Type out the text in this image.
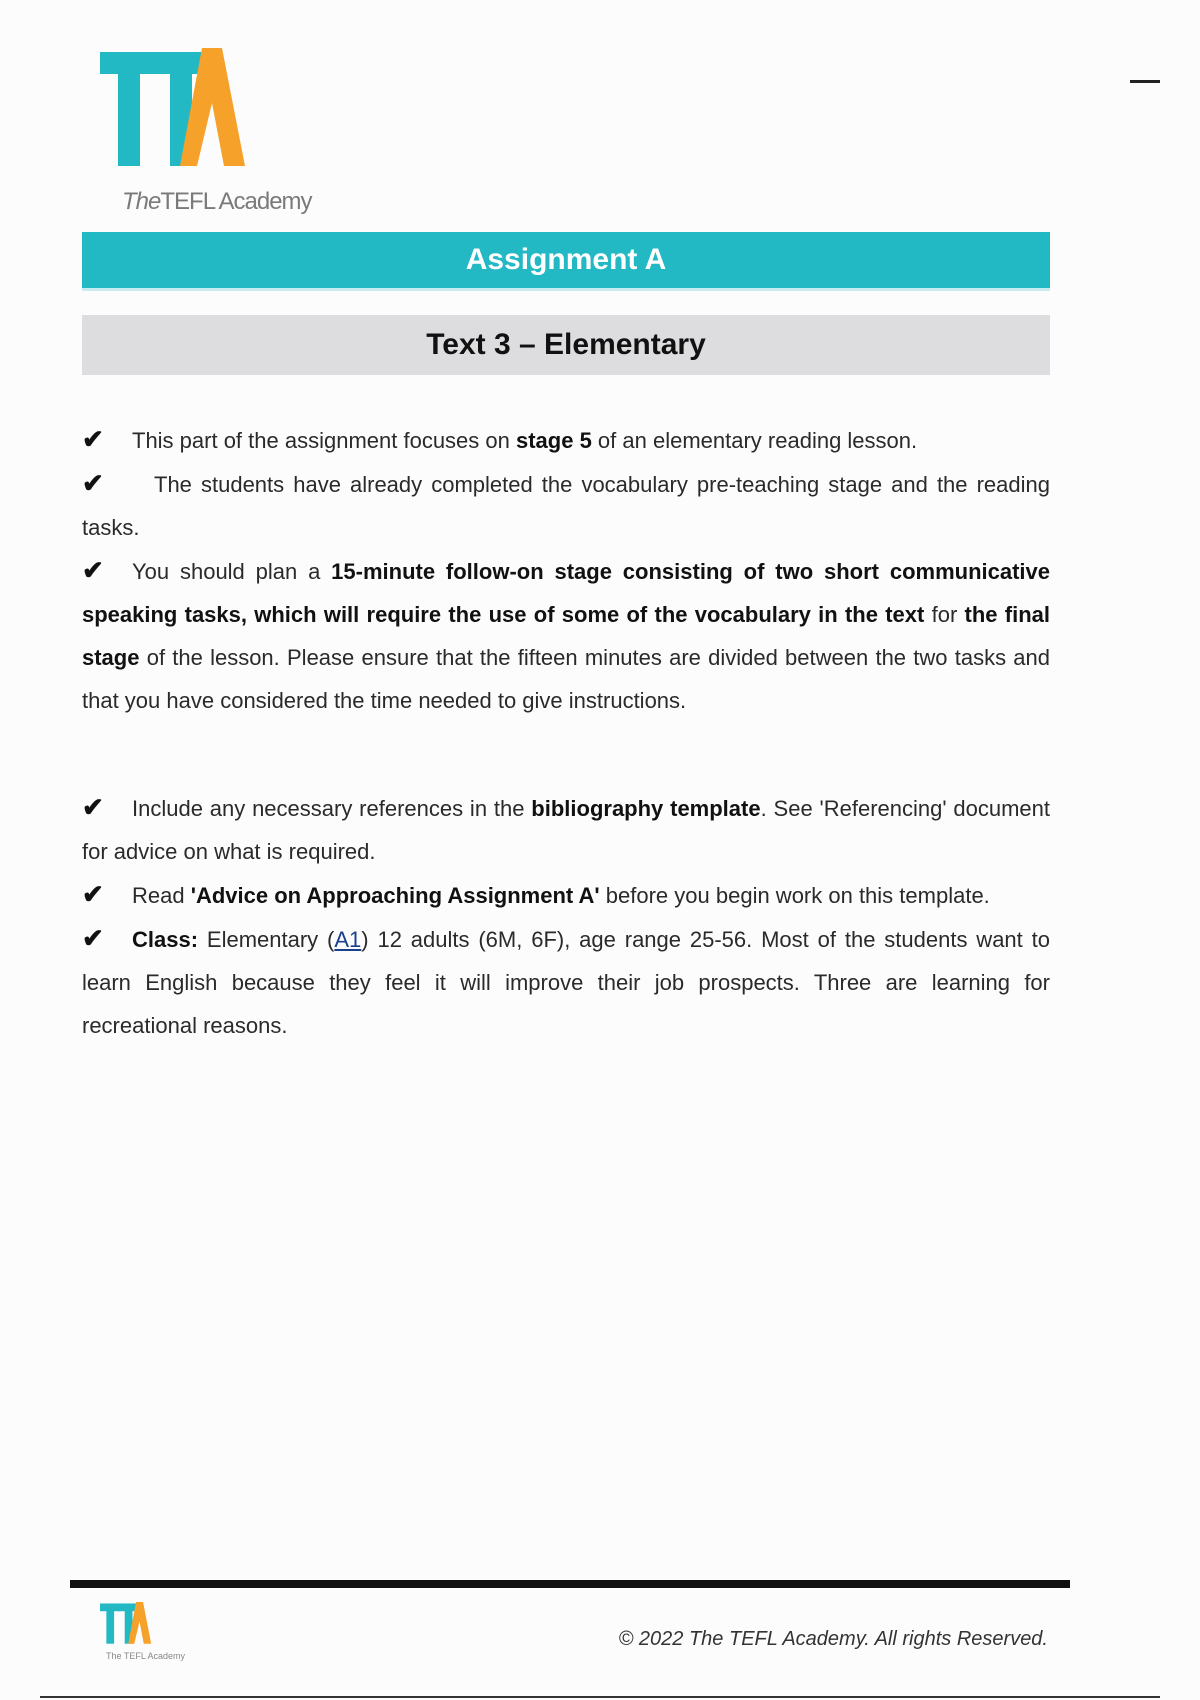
TheTEFL Academy
Assignment A
Text 3 – Elementary

✔ This part of the assignment focuses on stage 5 of an elementary reading lesson.

✔ The students have already completed the vocabulary pre-teaching stage and the reading tasks.

✔ You should plan a 15-minute follow-on stage consisting of two short communicative speaking tasks, which will require the use of some of the vocabulary in the text for the final stage of the lesson. Please ensure that the fifteen minutes are divided between the two tasks and that you have considered the time needed to give instructions.

✔ Include any necessary references in the bibliography template. See 'Referencing' document for advice on what is required.

✔ Read 'Advice on Approaching Assignment A' before you begin work on this template.

✔ Class: Elementary (A1) 12 adults (6M, 6F), age range 25-56. Most of the students want to learn English because they feel it will improve their job prospects. Three are learning for recreational reasons.

The TEFL Academy
© 2022 The TEFL Academy. All rights Reserved.
